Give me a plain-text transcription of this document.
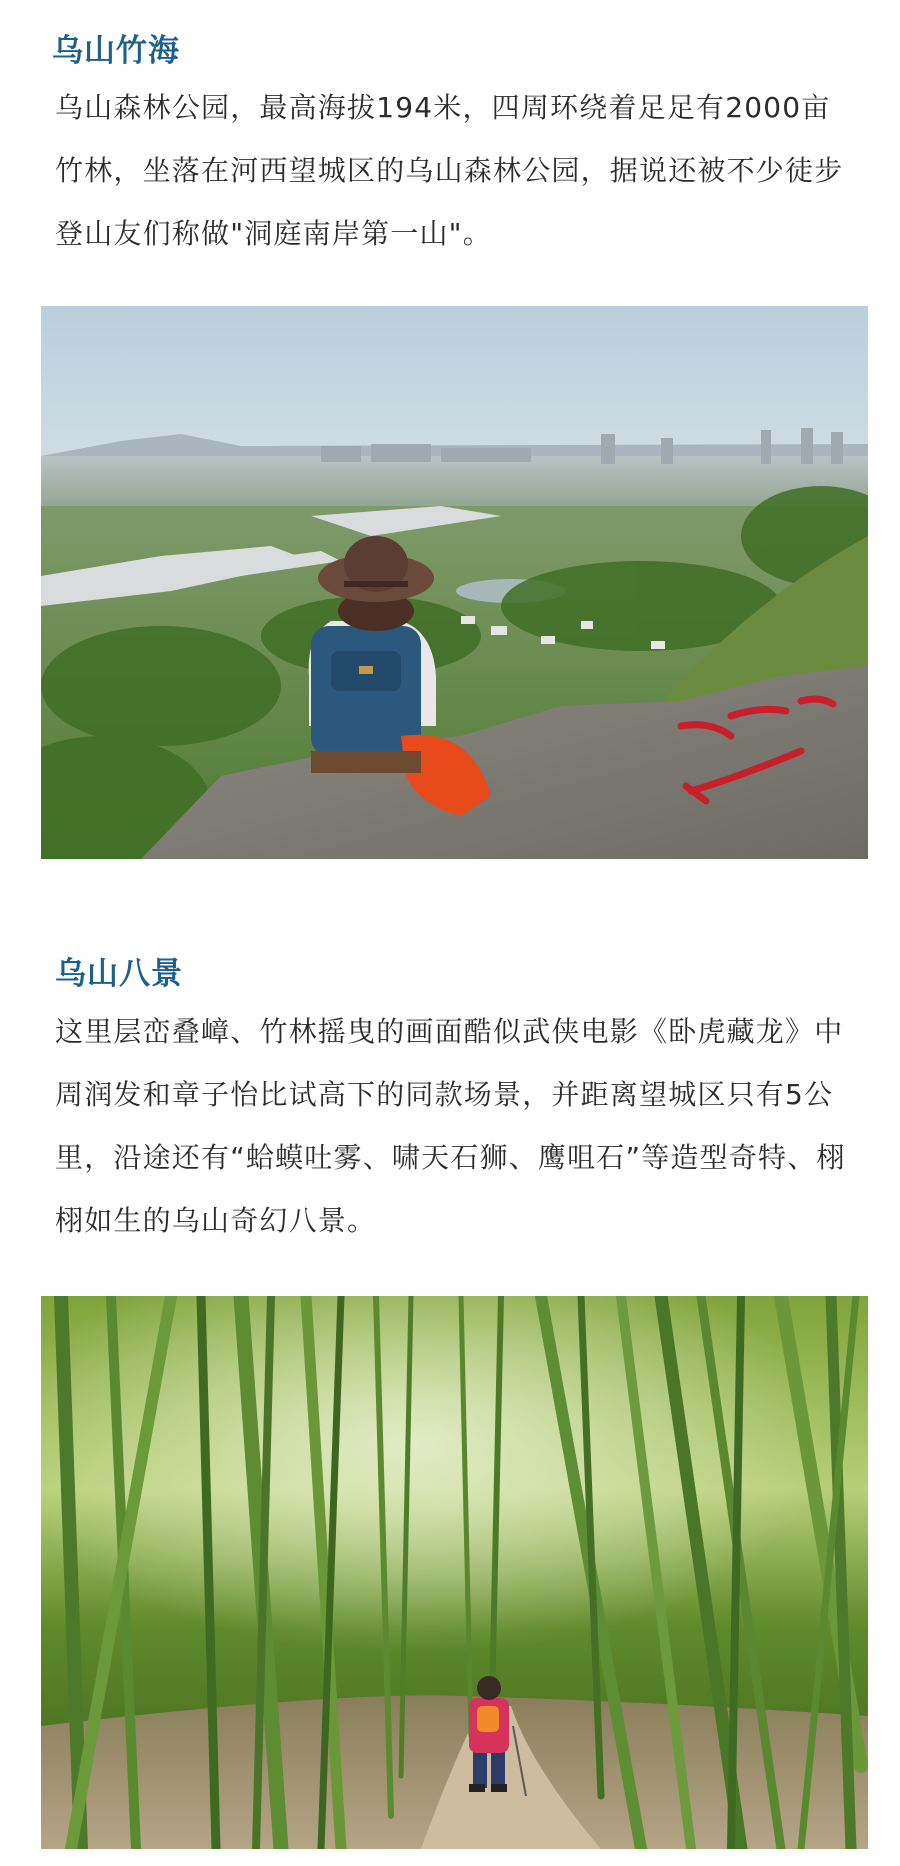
乌山竹海

乌山森林公园，最高海拔194米，四周环绕着足足有2000亩竹林，坐落在河西望城区的乌山森林公园，据说还被不少徒步登山友们称做"洞庭南岸第一山"。

乌山八景

这里层峦叠嶂、竹林摇曳的画面酷似武侠电影《卧虎藏龙》中周润发和章子怡比试高下的同款场景，并距离望城区只有5公里，沿途还有“蛤蟆吐雾、啸天石狮、鹰咀石”等造型奇特、栩栩如生的乌山奇幻八景。
